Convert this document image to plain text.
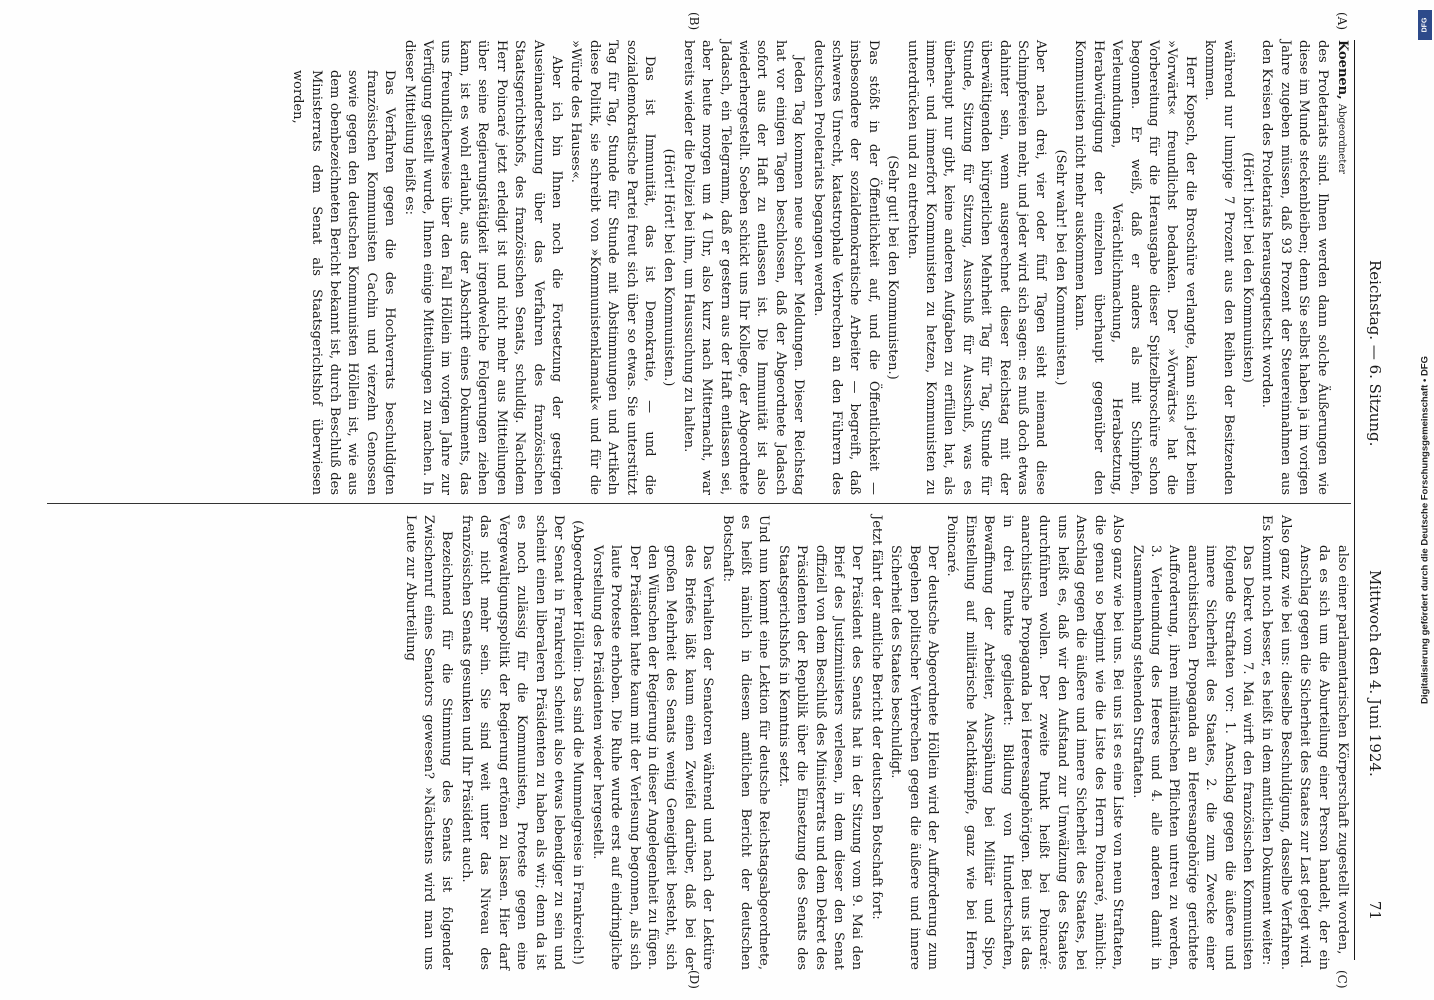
Reichstag. — 6. Sitzung.
Mittwoch den 4. Juni 1924.
71
(A)
(B)
(C)
(D)

Koenen, Abgeordneter

des Proletariats sind. Ihnen werden dann solche Äußerungen wie diese im Munde steckenbleiben; denn Sie selbst haben ja im vorigen Jahre zugeben müssen, daß 93 Prozent der Steuereinnahmen aus den Kreisen des Proletariats herausgequetscht worden.

(Hört! hört! bei den Kommunisten)

während nur lumpige 7 Prozent aus den Reihen der Besitzenden kommen.

Herr Kopsch, der die Broschüre verlangte, kann sich jetzt beim »Vorwärts« freundlichst bedanken. Der »Vorwärts« hat die Vorbereitung für die Herausgabe dieser Spitzelbroschüre schon begonnen. Er weiß, daß er anders als mit Schimpfen, Verleumdungen, Verächtlichmachung, Herabsetzung, Herabwürdigung der einzelnen überhaupt gegenüber den Kommunisten nicht mehr auskommen kann.

(Sehr wahr! bei den Kommunisten.)

Aber nach drei, vier oder fünf Tagen sieht niemand diese Schimpfereien mehr, und jeder wird sich sagen: es muß doch etwas dahinter sein, wenn ausgerechnet dieser Reichstag mit der überwältigenden bürgerlichen Mehrheit Tag für Tag, Stunde für Stunde, Sitzung für Sitzung, Ausschuß für Ausschuß, was es überhaupt nur gibt, keine anderen Aufgaben zu erfüllen hat, als immer- und immerfort Kommunisten zu hetzen, Kommunisten zu unterdrücken und zu entrechten.

(Sehr gut! bei den Kommunisten.)

Das stößt in der Öffentlichkeit auf, und die Öffentlichkeit — insbesondere der sozialdemokratische Arbeiter — begreift, daß schweres Unrecht, katastrophale Verbrechen an den Führern des deutschen Proletariats begangen werden.

Jeden Tag kommen neue solcher Meldungen. Dieser Reichstag hat vor einigen Tagen beschlossen, daß der Abgeordnete Jadasch sofort aus der Haft zu entlassen ist. Die Immunität ist also wiederhergestellt. Soeben schickt uns Ihr Kollege, der Abgeordnete Jadasch, ein Telegramm, daß er gestern aus der Haft entlassen sei, aber heute morgen um 4 Uhr, also kurz nach Mitternacht, war bereits wieder die Polizei bei ihm, um Haussuchung zu halten.

(Hört! Hört! bei den Kommunisten.)

Das ist Immunität, das ist Demokratie, — und die sozialdemokratische Partei freut sich über so etwas. Sie unterstützt Tag für Tag, Stunde für Stunde mit Abstimmungen und Artikeln diese Politik, sie schreibt von »Kommunistenklamauk« und für die »Würde des Hauses«.

Aber ich bin Ihnen noch die Fortsetzung der gestrigen Auseinandersetzung über das Verfahren des französischen Staatsgerichtshofs, des französischen Senats, schuldig. Nachdem Herr Poincaré jetzt erledigt ist und nicht mehr aus Mitteilungen über seine Regierungstätigkeit irgendwelche Folgerungen ziehen kann, ist es wohl erlaubt, aus der Abschrift eines Dokuments, das uns freundlicherweise über den Fall Höllein im vorigen Jahre zur Verfügung gestellt wurde, Ihnen einige Mitteilungen zu machen. In dieser Mitteilung heißt es:

Das Verfahren gegen die des Hochverrats beschuldigten französischen Kommunisten Cachin und vierzehn Genossen sowie gegen den deutschen Kommunisten Höllein ist, wie aus dem obenbezeichneten Bericht bekannt ist, durch Beschluß des Ministerrats dem Senat als Staatsgerichtshof überwiesen worden,

also einer parlamentarischen Körperschaft zugestellt worden,

da es sich um die Aburteilung einer Person handelt, der ein Anschlag gegen die Sicherheit des Staates zur Last gelegt wird.

Also ganz wie bei uns: dieselbe Beschuldigung, dasselbe Verfahren. Es kommt noch besser, es heißt in dem amtlichen Dokument weiter:

Das Dekret vom 7. Mai wirft den französischen Kommunisten folgende Straftaten vor: 1. Anschlag gegen die äußere und innere Sicherheit des Staates, 2. die zum Zwecke einer anarchistischen Propaganda an Heeresangehörige gerichtete Aufforderung, ihren militärischen Pflichten untreu zu werden, 3. Verleumdung des Heeres und 4. alle anderen damit in Zusammenhang stehenden Straftaten.

Also ganz wie bei uns. Bei uns ist es eine Liste von neun Straftaten, die genau so beginnt wie die Liste des Herrn Poincaré, nämlich: Anschlag gegen die äußere und innere Sicherheit des Staates, bei uns heißt es, daß wir den Aufstand zur Umwälzung des Staates durchführen wollen. Der zweite Punkt heißt bei Poincaré: anarchistische Propaganda bei Heeresangehörigen. Bei uns ist das in drei Punkte gegliedert: Bildung von Hundertschaften, Bewaffnung der Arbeiter, Ausspähung bei Militär und Sipo, Einstellung auf militärische Machtkämpfe, ganz wie bei Herrn Poincaré.

Der deutsche Abgeordnete Höllein wird der Aufforderung zum Begehen politischer Verbrechen gegen die äußere und innere Sicherheit des Staates beschuldigt.

Jetzt fährt der amtliche Bericht der deutschen Botschaft fort:

Der Präsident des Senats hat in der Sitzung vom 9. Mai den Brief des Justizministers verlesen, in dem dieser den Senat offiziell von dem Beschluß des Ministerrats und dem Dekret des Präsidenten der Republik über die Einsetzung des Senats des Staatsgerichtshofs in Kenntnis setzt.

Und nun kommt eine Lektion für deutsche Reichstagsabgeordnete, es heißt nämlich in diesem amtlichen Bericht der deutschen Botschaft:

Das Verhalten der Senatoren während und nach der Lektüre des Briefes läßt kaum einen Zweifel darüber, daß bei der großen Mehrheit des Senats wenig Geneigtheit besteht, sich den Wünschen der Regierung in dieser Angelegenheit zu fügen. Der Präsident hatte kaum mit der Verlesung begonnen, als sich laute Proteste erhoben. Die Ruhe wurde erst auf eindringliche Vorstellung des Präsidenten wieder hergestellt.

(Abgeordneter Höllein: Das sind die Mummelgreise in Frankreich!)

Der Senat in Frankreich scheint also etwas lebendiger zu sein und scheint einen liberaleren Präsidenten zu haben als wir; denn da ist es noch zulässig für die Kommunisten, Proteste gegen eine Vergewaltigungspolitik der Regierung ertönen zu lassen. Hier darf das nicht mehr sein. Sie sind weit unter das Niveau des französischen Senats gesunken und Ihr Präsident auch.

Bezeichnend für die Stimmung des Senats ist folgender Zwischenruf eines Senators gewesen? »Nächstens wird man uns Leute zur Aburteilung

DFG
Digitalisierung gefördert durch die Deutsche Forschungsgemeinschaft • DFG
